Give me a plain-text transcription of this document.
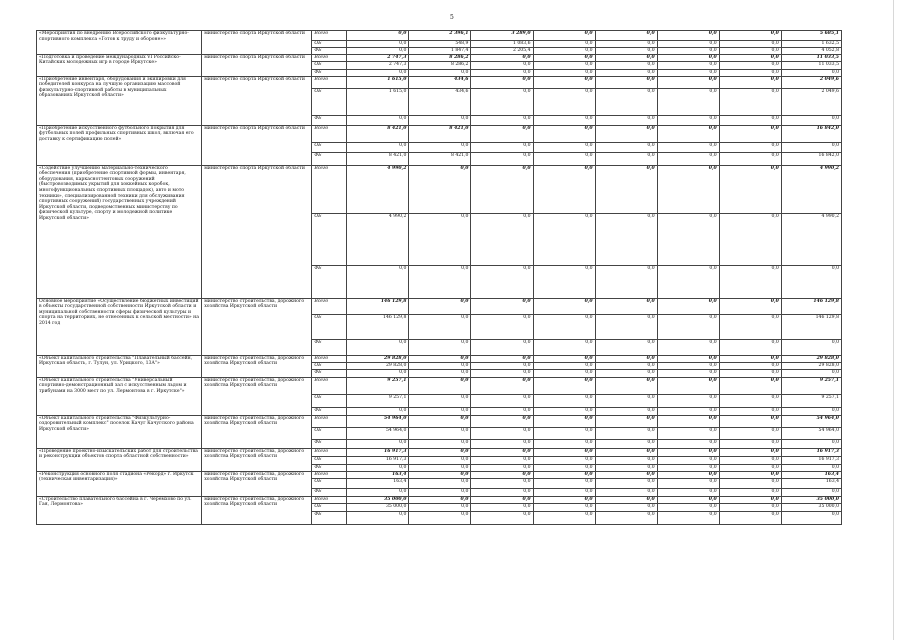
5
«Мероприятия по внедрению Всероссийского физкультурно-спортивного комплекса «Готов к труду и обороне»»	министерство спорта Иркутской области	Всего	0,0	2 396,1	3 289,0	0,0	0,0	0,0	0,0	5 685,1
		ОБ	0,0	548,9	1 083,6	0,0	0,0	0,0	0,0	1 632,5
		ФБ	0,0	1 847,4	2 205,4	0,0	0,0	0,0	0,0	4 052,8
«Подготовка и проведение международных VI Российско-Китайских молодежных игр в городе Иркутске»	министерство спорта Иркутской области	Всего	2 747,3	8 286,2	0,0	0,0	0,0	0,0	0,0	11 033,5
		ОБ	2 747,3	8 286,2	0,0	0,0	0,0	0,0	0,0	11 033,5
		ФБ	0,0	0,0	0,0	0,0	0,0	0,0	0,0	0,0
«Приобретение инвентаря, оборудования и экипировки для победителей конкурса на лучшую организацию массовой физкультурно-спортивной работы в муниципальных образованиях Иркутской области»	министерство спорта Иркутской области	Всего	1 615,0	434,6	0,0	0,0	0,0	0,0	0,0	2 049,6
		ОБ	1 615,0	434,6	0,0	0,0	0,0	0,0	0,0	2 049,6
		ФБ	0,0	0,0	0,0	0,0	0,0	0,0	0,0	0,0
«Приобретение искусственного футбольного покрытия для футбольных полей профильных спортивных школ, включая его доставку к сертификацию полей»	министерство спорта Иркутской области	Всего	8 421,0	8 421,0	0,0	0,0	0,0	0,0	0,0	16 842,0
		ОБ	0,0	0,0	0,0	0,0	0,0	0,0	0,0	0,0
		ФБ	8 421,0	8 421,0	0,0	0,0	0,0	0,0	0,0	16 842,0
«Содействие улучшению материально-технического обеспечения (приобретение спортивной формы, инвентаря, оборудования, каркасноттентовых сооружений (быстровозводимых укрытий для хоккейных коробок, многофункциональных спортивных площадок), авто и мото техники», специализированной техники для обслуживания спортивных сооружений) государственных учреждений Иркутской области, подведомственных министерству по физической культуре, спорту и молодежной политике Иркутской области»	министерство спорта Иркутской области	Всего	4 990,2	0,0	0,0	0,0	0,0	0,0	0,0	4 990,2
		ОБ	4 990,2	0,0	0,0	0,0	0,0	0,0	0,0	4 990,2
		ФБ	0,0	0,0	0,0	0,0	0,0	0,0	0,0	0,0
Основное мероприятие «Осуществление бюджетных инвестиций в объекты государственной собственности Иркутской области и муниципальной собственности сферы физической культуры и спорта на территориях, не отнесенных к сельской местности» на 2014 год	министерство строительства, дорожного хозяйства Иркутской области	Всего	146 129,8	0,0	0,0	0,0	0,0	0,0	0,0	146 129,8
		ОБ	146 129,8	0,0	0,0	0,0	0,0	0,0	0,0	146 129,8
		ФБ	0,0	0,0	0,0	0,0	0,0	0,0	0,0	0,0
«Объект капитального строительства "Плавательный бассейн, Иркутская область, г. Тулун, ул. Урицкого, 13А"»	министерство строительства, дорожного хозяйства Иркутской области	Всего	29 828,0	0,0	0,0	0,0	0,0	0,0	0,0	29 828,0
		ОБ	29 828,0	0,0	0,0	0,0	0,0	0,0	0,0	29 828,0
		ФБ	0,0	0,0	0,0	0,0	0,0	0,0	0,0	0,0
«Объект капитального строительства "Универсальный спортивно-демонстрационный зал с искусственным льдом и трибунами на 3000 мест по ул. Лермонтова в г. Иркутске"»	министерство строительства, дорожного хозяйства Иркутской области	Всего	9 257,1	0,0	0,0	0,0	0,0	0,0	0,0	9 257,1
		ОБ	9 257,1	0,0	0,0	0,0	0,0	0,0	0,0	9 257,1
		ФБ	0,0	0,0	0,0	0,0	0,0	0,0	0,0	0,0
«Объект капитального строительства "Физкультурно-оздоровительный комплекс" поселок Качуг Качугского района Иркутской области»	министерство строительства, дорожного хозяйства Иркутской области	Всего	54 964,0	0,0	0,0	0,0	0,0	0,0	0,0	54 964,0
		ОБ	54 964,0	0,0	0,0	0,0	0,0	0,0	0,0	54 964,0
		ФБ	0,0	0,0	0,0	0,0	0,0	0,0	0,0	0,0
«Проведение проектно-изыскательских работ для строительства и реконструкции объектов спорта областной собственности»	министерство строительства, дорожного хозяйства Иркутской области	Всего	16 917,3	0,0	0,0	0,0	0,0	0,0	0,0	16 917,3
		ОБ	16 917,3	0,0	0,0	0,0	0,0	0,0	0,0	16 917,3
		ФБ	0,0	0,0	0,0	0,0	0,0	0,0	0,0	0,0
«Реконструкция основного поля стадиона «Рекорд» г. Иркутск (техническая инвентаризация)»	министерство строительства, дорожного хозяйства Иркутской области	Всего	163,4	0,0	0,0	0,0	0,0	0,0	0,0	163,4
		ОБ	163,4	0,0	0,0	0,0	0,0	0,0	0,0	163,4
		ФБ	0,0	0,0	0,0	0,0	0,0	0,0	0,0	0,0
«Строительство плавательного бассейна в г. Черемхово по ул. Гая, Лермонтова»	министерство строительства, дорожного хозяйства Иркутской области	Всего	35 000,0	0,0	0,0	0,0	0,0	0,0	0,0	35 000,0
		ОБ	35 000,0	0,0	0,0	0,0	0,0	0,0	0,0	35 000,0
		ФБ	0,0	0,0	0,0	0,0	0,0	0,0	0,0	0,0
